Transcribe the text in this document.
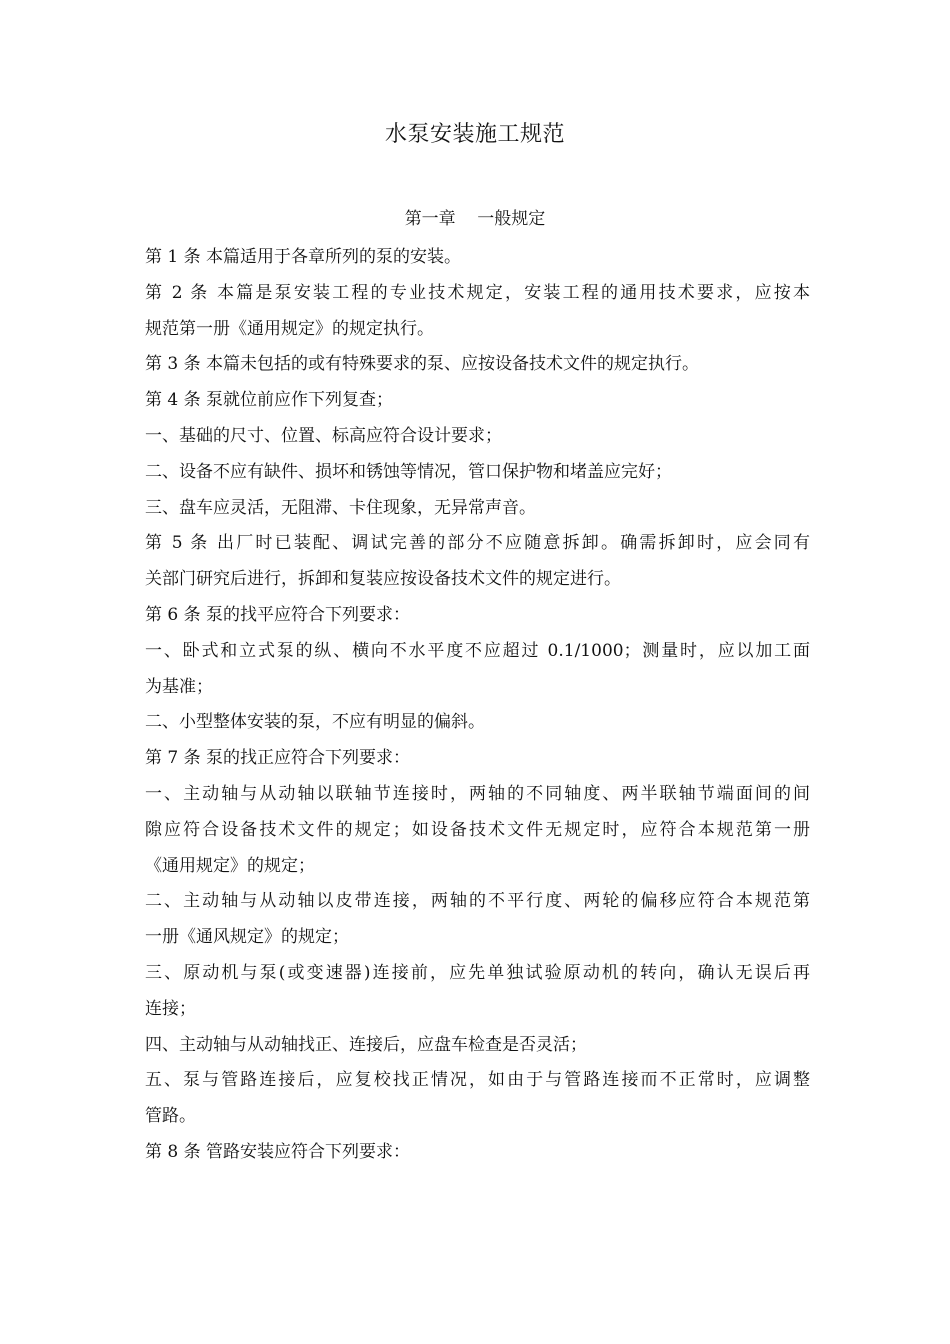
水泵安装施工规范
第一章    一般规定
第 1 条 本篇适用于各章所列的泵的安装。
第 2 条 本篇是泵安装工程的专业技术规定，安装工程的通用技术要求，应按本
规范第一册《通用规定》的规定执行。
第 3 条 本篇未包括的或有特殊要求的泵、应按设备技术文件的规定执行。
第 4 条 泵就位前应作下列复查；
一、基础的尺寸、位置、标高应符合设计要求；
二、设备不应有缺件、损坏和锈蚀等情况，管口保护物和堵盖应完好；
三、盘车应灵活，无阻滞、卡住现象，无异常声音。
第 5 条 出厂时已装配、调试完善的部分不应随意拆卸。确需拆卸时，应会同有
关部门研究后进行，拆卸和复装应按设备技术文件的规定进行。
第 6 条 泵的找平应符合下列要求：
一、卧式和立式泵的纵、横向不水平度不应超过 0.1/1000；测量时，应以加工面
为基准；
二、小型整体安装的泵，不应有明显的偏斜。
第 7 条 泵的找正应符合下列要求：
一、主动轴与从动轴以联轴节连接时，两轴的不同轴度、两半联轴节端面间的间
隙应符合设备技术文件的规定；如设备技术文件无规定时，应符合本规范第一册
《通用规定》的规定；
二、主动轴与从动轴以皮带连接，两轴的不平行度、两轮的偏移应符合本规范第
一册《通风规定》的规定；
三、原动机与泵(或变速器)连接前，应先单独试验原动机的转向，确认无误后再
连接；
四、主动轴与从动轴找正、连接后，应盘车检查是否灵活；
五、泵与管路连接后，应复校找正情况，如由于与管路连接而不正常时，应调整
管路。
第 8 条 管路安装应符合下列要求：
